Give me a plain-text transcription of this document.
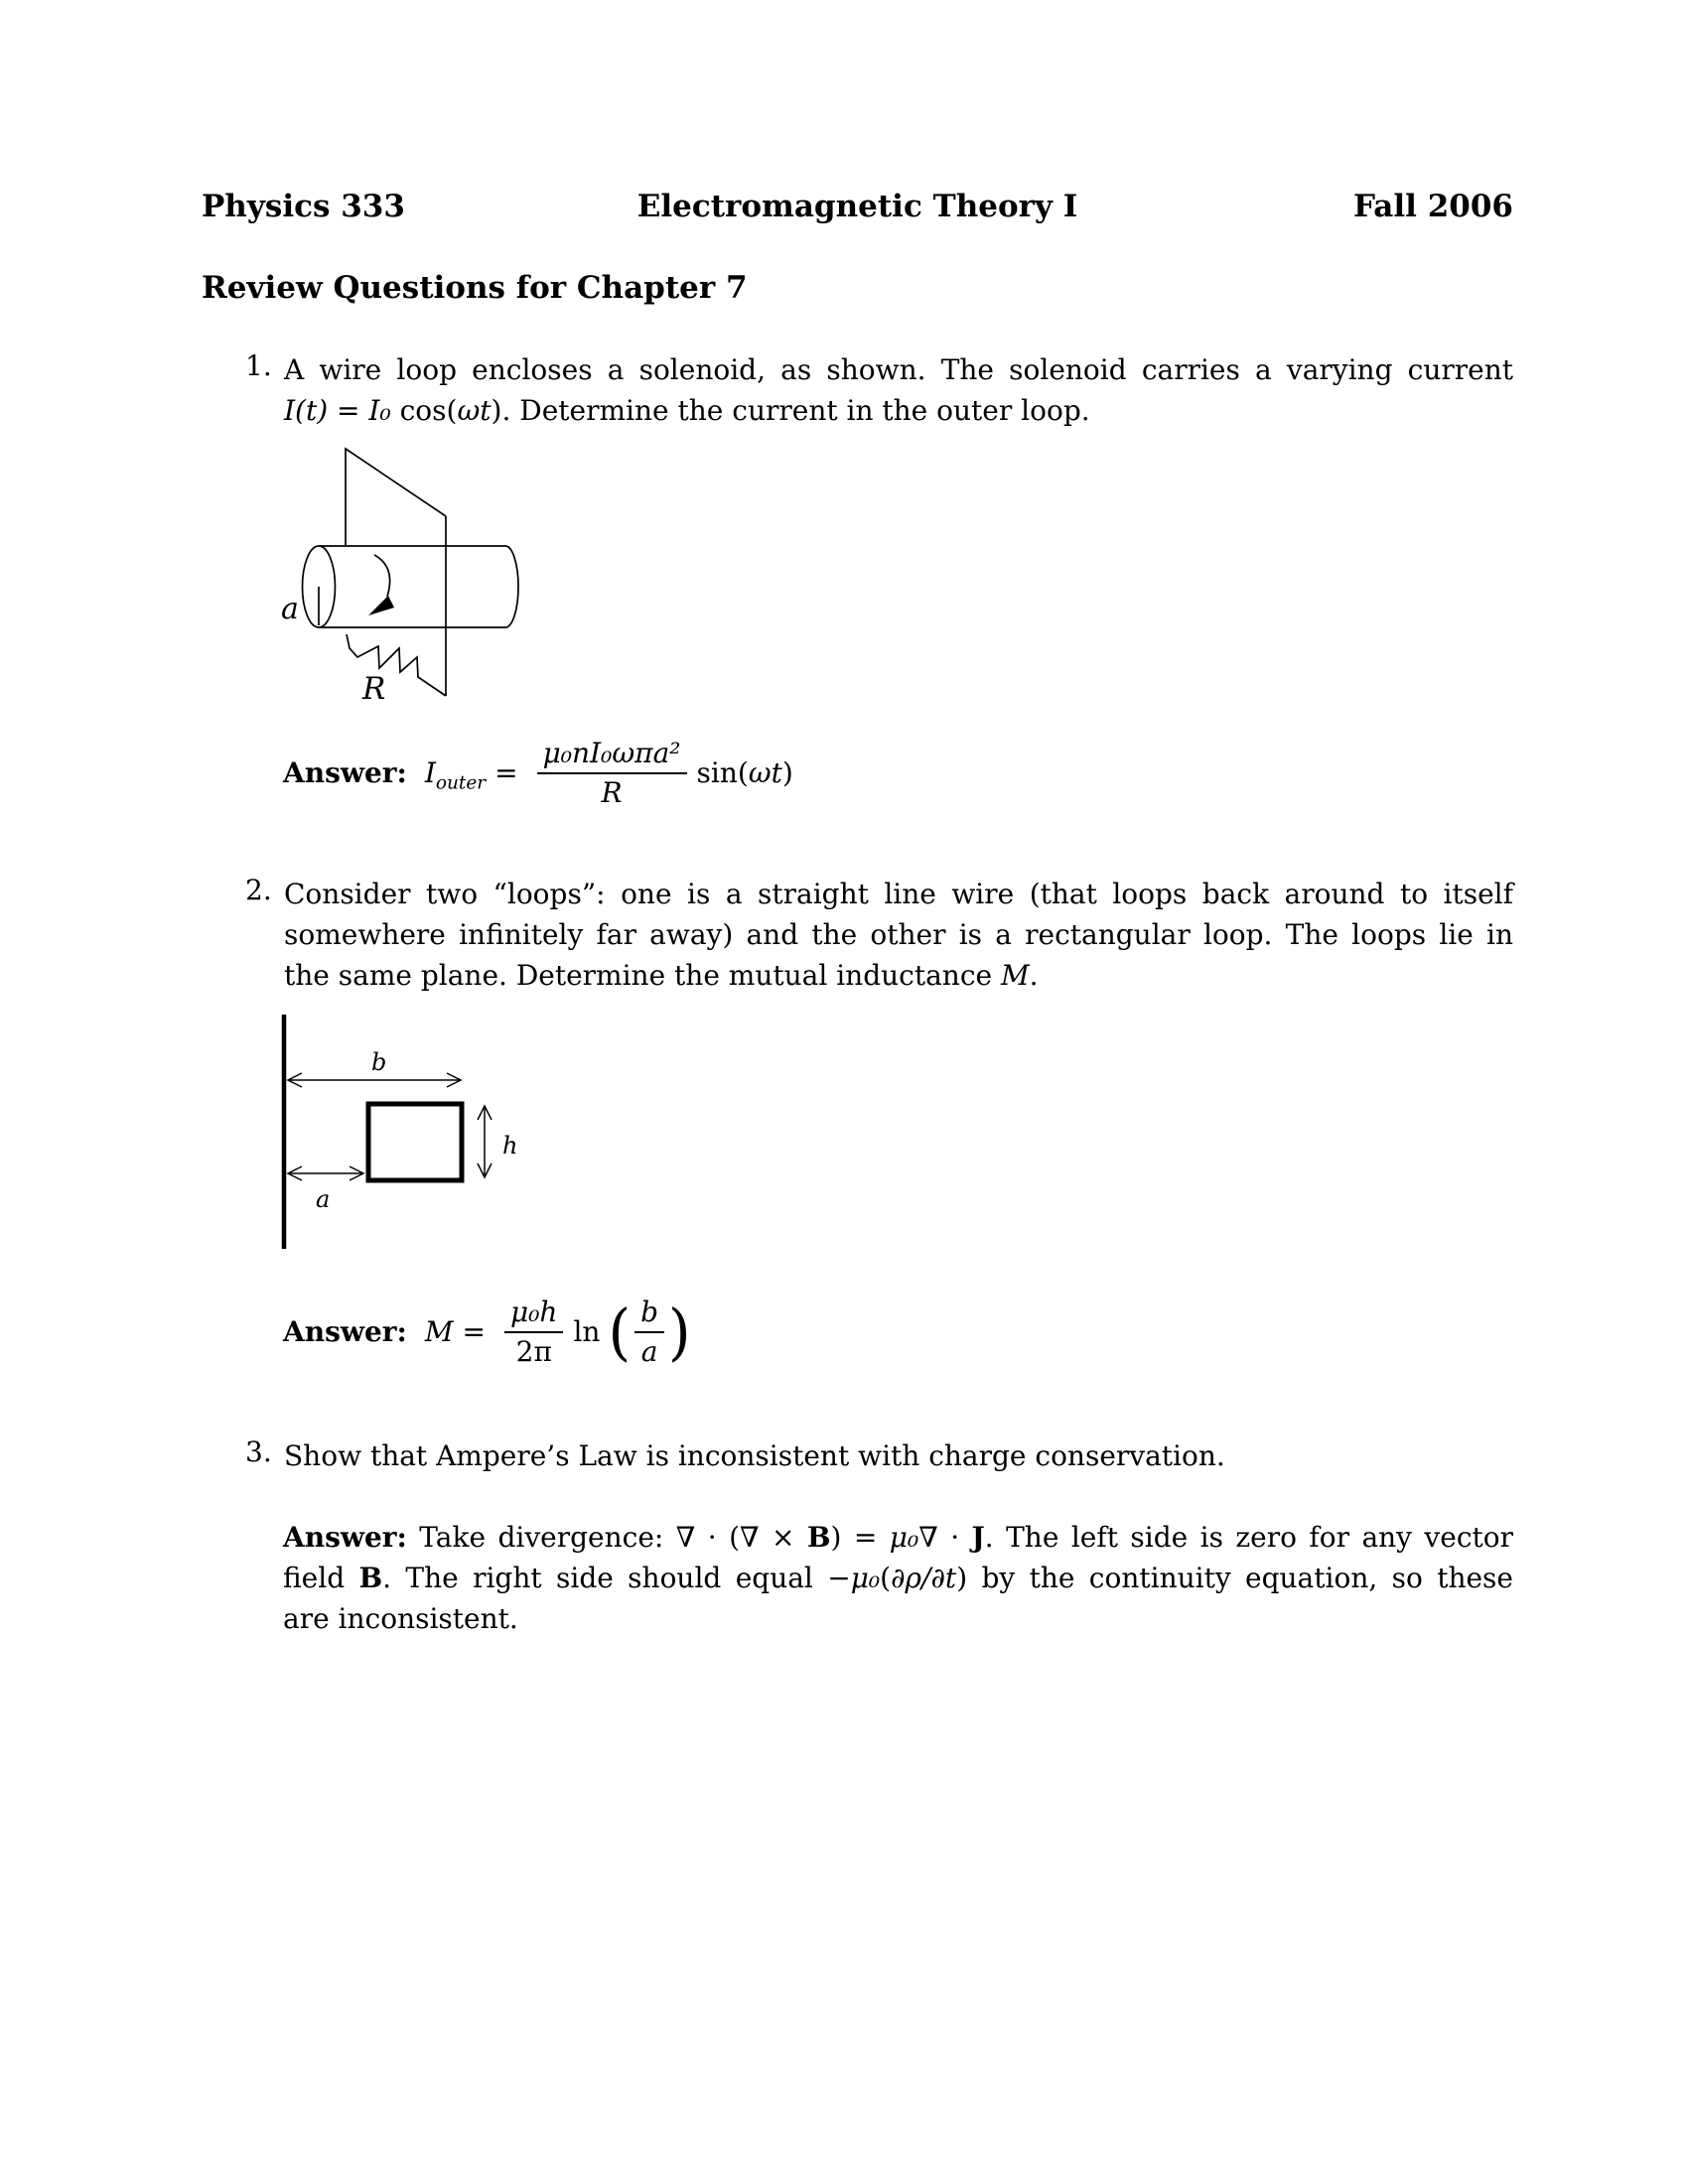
Physics 333	Electromagnetic Theory I	Fall 2006
Review Questions for Chapter 7
1. A wire loop encloses a solenoid, as shown. The solenoid carries a varying current
I(t) = I₀ cos(ωt). Determine the current in the outer loop.
a
R
Answer: $I_{outer} = \frac{\text{μ₀nI₀ωπa²}}{R} \sin(\omega t)$
2. Consider two “loops”: one is a straight line wire (that loops back around to itself
somewhere infinitely far away) and the other is a rectangular loop. The loops lie in
the same plane. Determine the mutual inductance M.
b
h
a
Answer: $M = \frac{\text{μ₀h}}{2\pi}$ ln ( $\frac{b}{a}$ )
3. Show that Ampere’s Law is inconsistent with charge conservation.
Answer: Take divergence: ∇ · (∇ × B) = μ₀∇ · J. The left side is zero for any vector
field B. The right side should equal −μ₀(∂ρ/∂t) by the continuity equation, so these
are inconsistent.
